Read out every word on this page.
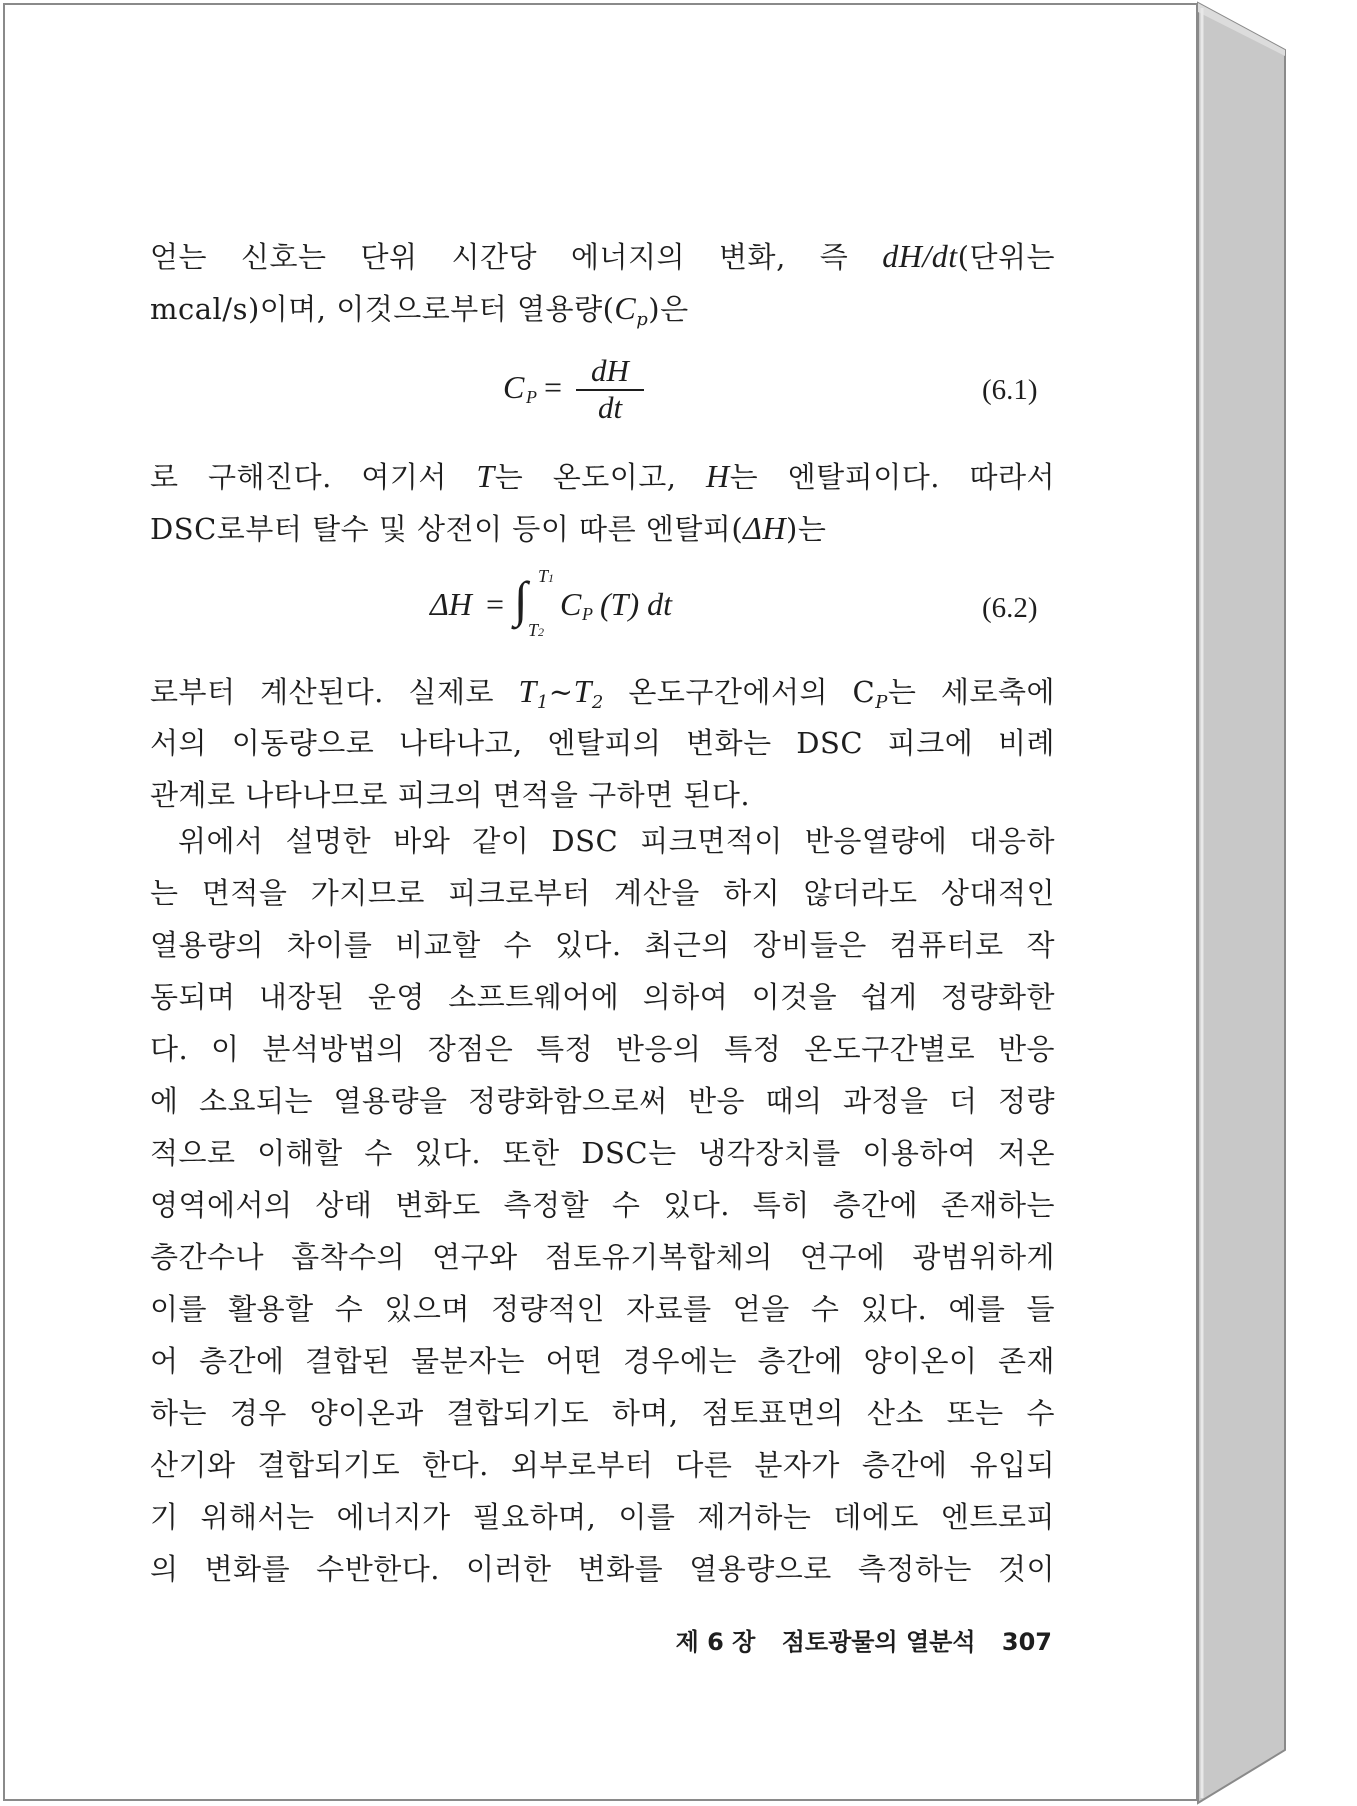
얻는 신호는 단위 시간당 에너지의 변화, 즉 dH/dt(단위는
mcal/s)이며, 이것으로부터 열용량$(C_p)$은
C P = dH
dt	(6.1)
로 구해진다. 여기서 T는 온도이고, H는 엔탈피이다. 따라서
DSC로부터 탈수 및 상전이 등이 따른 엔탈피(ΔH)는
ΔH = ∫ T1
T2
C P (T) dt	(6.2)
로부터 계산된다. 실제로 $T_1\sim T_2$ 온도구간에서의 $C_P$는 세로축에
서의 이동량으로 나타나고, 엔탈피의 변화는 DSC 피크에 비례
관계로 나타나므로 피크의 면적을 구하면 된다.
위에서 설명한 바와 같이 DSC 피크면적이 반응열량에 대응하
는 면적을 가지므로 피크로부터 계산을 하지 않더라도 상대적인
열용량의 차이를 비교할 수 있다. 최근의 장비들은 컴퓨터로 작
동되며 내장된 운영 소프트웨어에 의하여 이것을 쉽게 정량화한
다. 이 분석방법의 장점은 특정 반응의 특정 온도구간별로 반응
에 소요되는 열용량을 정량화함으로써 반응 때의 과정을 더 정량
적으로 이해할 수 있다. 또한 DSC는 냉각장치를 이용하여 저온
영역에서의 상태 변화도 측정할 수 있다. 특히 층간에 존재하는
층간수나 흡착수의 연구와 점토유기복합체의 연구에 광범위하게
이를 활용할 수 있으며 정량적인 자료를 얻을 수 있다. 예를 들
어 층간에 결합된 물분자는 어떤 경우에는 층간에 양이온이 존재
하는 경우 양이온과 결합되기도 하며, 점토표면의 산소 또는 수
산기와 결합되기도 한다. 외부로부터 다른 분자가 층간에 유입되
기 위해서는 에너지가 필요하며, 이를 제거하는 데에도 엔트로피
의 변화를 수반한다. 이러한 변화를 열용량으로 측정하는 것이
제 6 장 점토광물의 열분석 307
